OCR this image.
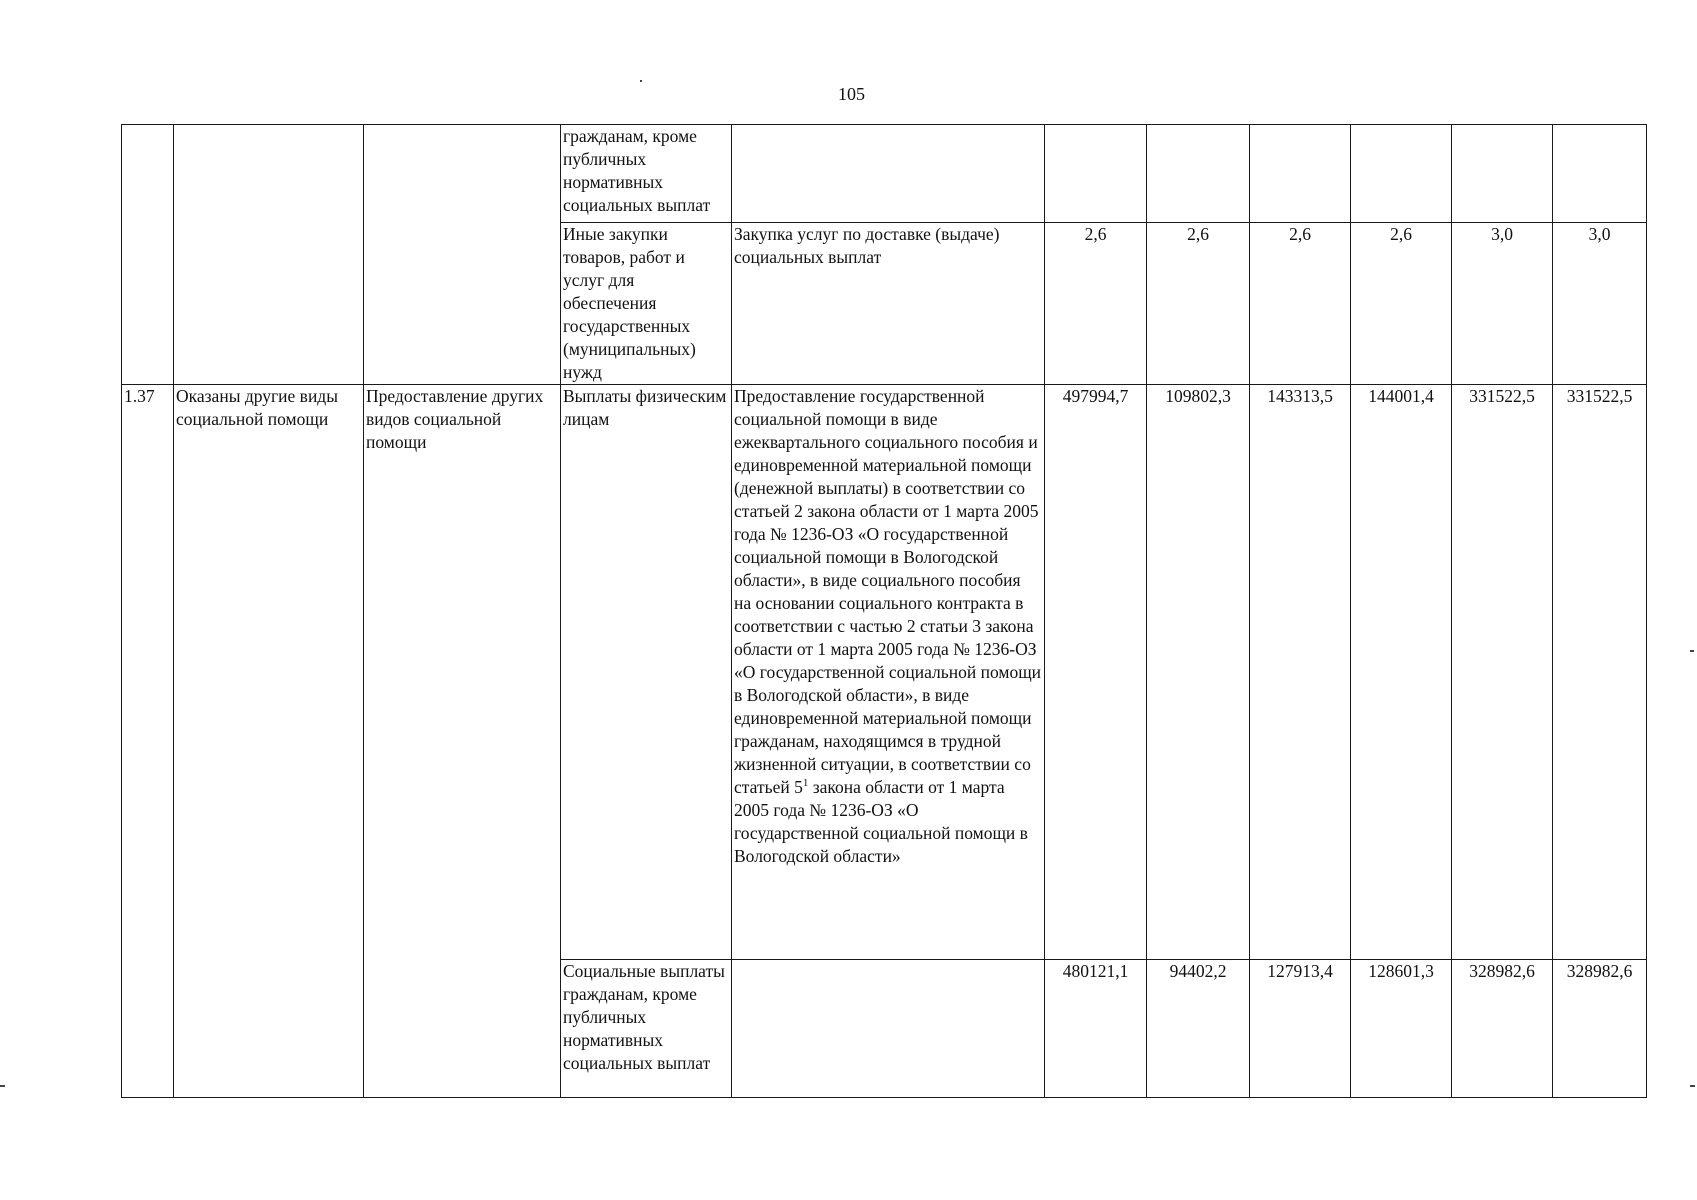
105
			гражданам, кроме публичных нормативных социальных выплат							
			Иные закупки товаров, работ и услуг для обеспечения государственных (муниципальных) нужд	Закупка услуг по доставке (выдаче) социальных выплат	2,6	2,6	2,6	2,6	3,0	3,0
1.37	Оказаны другие виды социальной помощи	Предоставление других видов социальной помощи	Выплаты физическим лицам	Предоставление государственной социальной помощи в виде ежеквартального социального пособия и единовременной материальной помощи (денежной выплаты) в соответствии со статьей 2 закона области от 1 марта 2005 года № 1236-ОЗ «О государственной социальной помощи в Вологодской области», в виде социального пособия на основании социального контракта в соответствии с частью 2 статьи 3 закона области от 1 марта 2005 года № 1236-ОЗ «О государственной социальной помощи в Вологодской области», в виде единовременной материальной помощи гражданам, находящимся в трудной жизненной ситуации, в соответствии со статьей $5^1$ закона области от 1 марта 2005 года № 1236-ОЗ «О государственной социальной помощи в Вологодской области»	497994,7	109802,3	143313,5	144001,4	331522,5	331522,5
			Социальные выплаты гражданам, кроме публичных нормативных социальных выплат		480121,1	94402,2	127913,4	128601,3	328982,6	328982,6
